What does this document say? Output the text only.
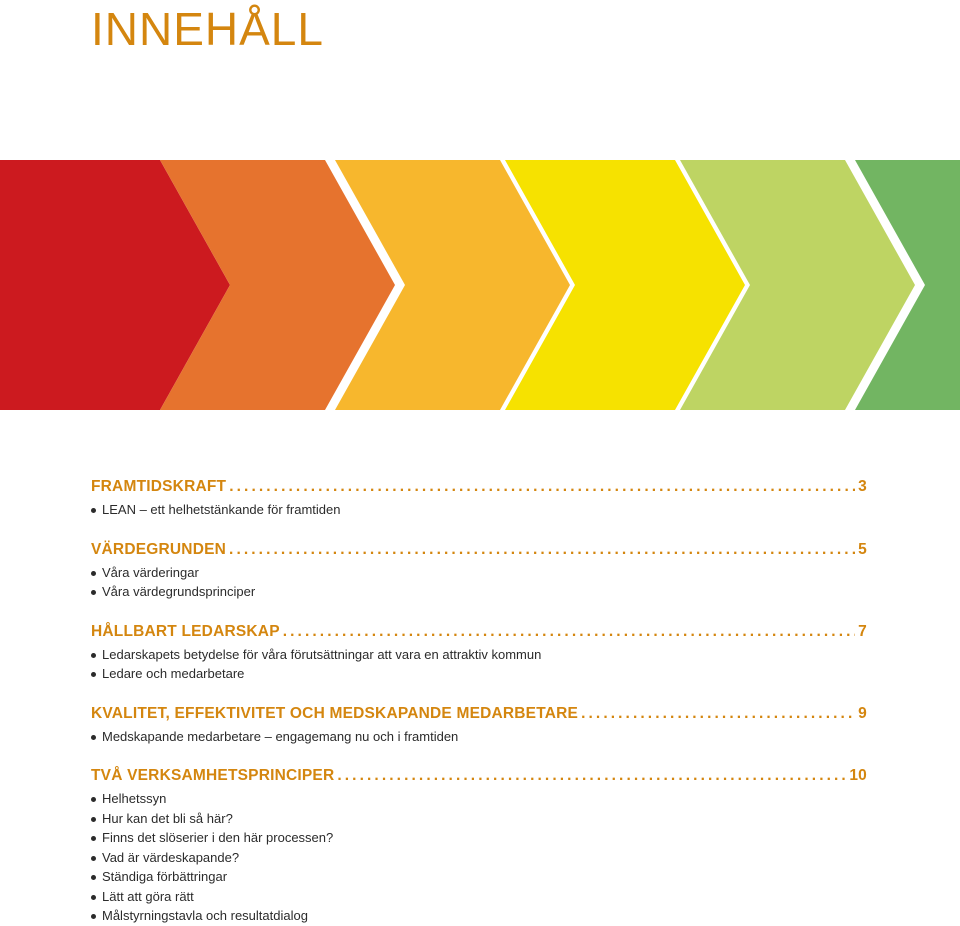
INNEHÅLL
FRAMTIDSKRAFT . . .	3
LEAN – ett helhetstänkande för framtiden
VÄRDEGRUNDEN . . .	5
Våra värderingar
Våra värdegrundsprinciper
HÅLLBART LEDARSKAP . . .	7
Ledarskapets betydelse för våra förutsättningar att vara en attraktiv kommun
Ledare och medarbetare
KVALITET, EFFEKTIVITET OCH MEDSKAPANDE MEDARBETARE . . .	9
Medskapande medarbetare – engagemang nu och i framtiden
TVÅ VERKSAMHETSPRINCIPER . . .	10
Helhetssyn
Hur kan det bli så här?
Finns det slöserier i den här processen?
Vad är värdeskapande?
Ständiga förbättringar
Lätt att göra rätt
Målstyrningstavla och resultatdialog
